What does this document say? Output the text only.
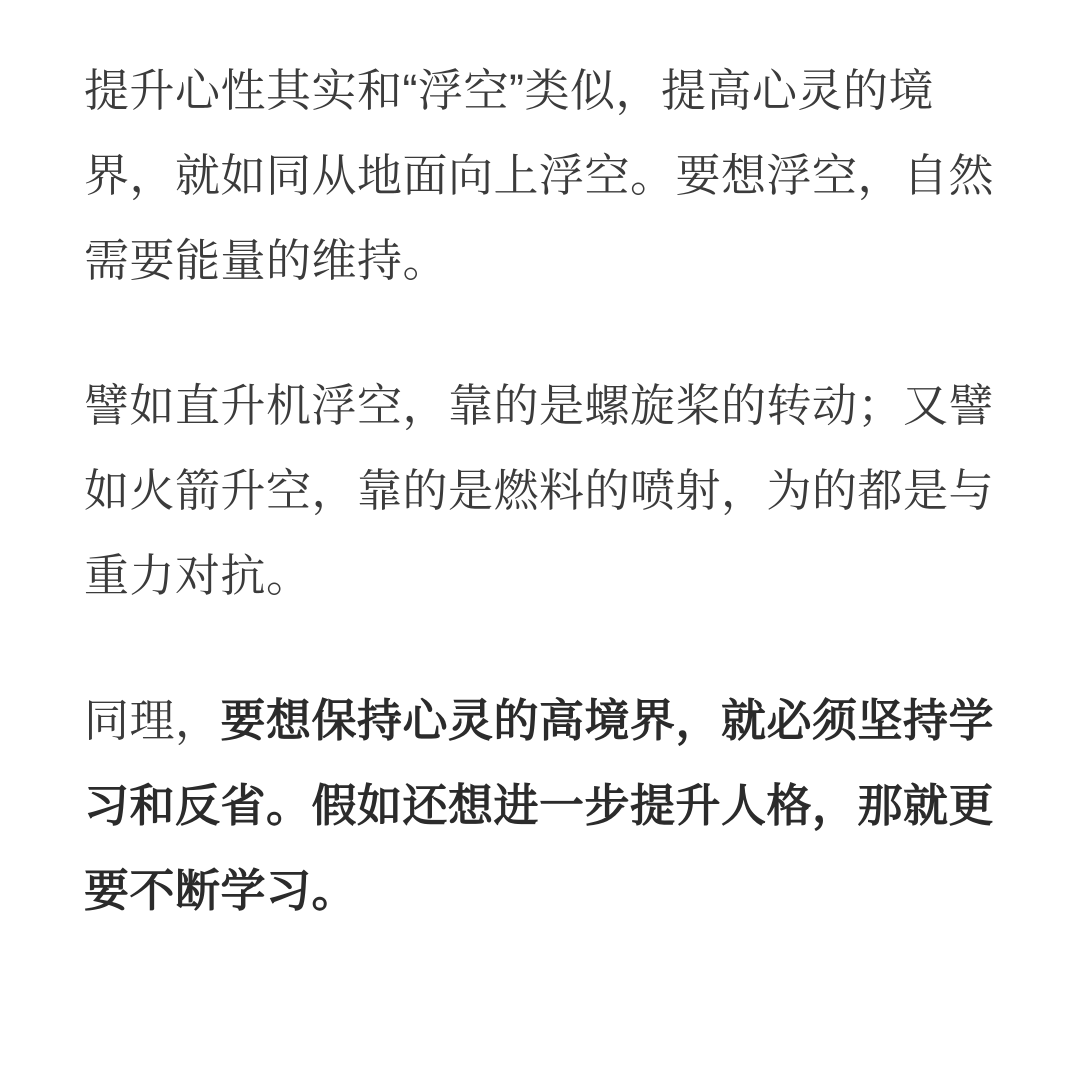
提升心性其实和“浮空”类似，提高心灵的境界，就如同从地面向上浮空。要想浮空，自然需要能量的维持。

譬如直升机浮空，靠的是螺旋桨的转动；又譬如火箭升空，靠的是燃料的喷射，为的都是与重力对抗。

同理，要想保持心灵的高境界，就必须坚持学习和反省。假如还想进一步提升人格，那就更要不断学习。
